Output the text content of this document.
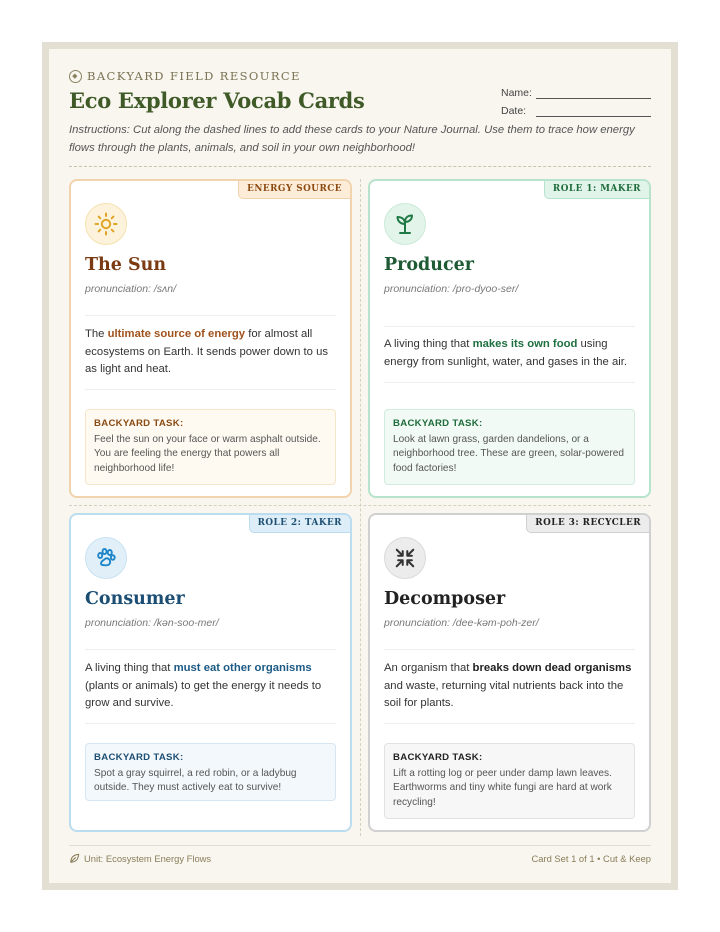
◆ BACKYARD FIELD RESOURCE
Eco Explorer Vocab Cards	Name:
Date:
Instructions: Cut along the dashed lines to add these cards to your Nature Journal. Use them to trace how energy flows through the plants, animals, and soil in your own neighborhood!
ENERGY SOURCE
The Sun
pronunciation: /sʌn/
The ultimate source of energy for almost all ecosystems on Earth. It sends power down to us as light and heat.
BACKYARD TASK:
Feel the sun on your face or warm asphalt outside. You are feeling the energy that powers all neighborhood life!
ROLE 1: MAKER
Producer
pronunciation: /pro-dyoo-ser/
A living thing that makes its own food using energy from sunlight, water, and gases in the air.
BACKYARD TASK:
Look at lawn grass, garden dandelions, or a neighborhood tree. These are green, solar-powered food factories!
ROLE 2: TAKER
Consumer
pronunciation: /kən-soo-mer/
A living thing that must eat other organisms (plants or animals) to get the energy it needs to grow and survive.
BACKYARD TASK:
Spot a gray squirrel, a red robin, or a ladybug outside. They must actively eat to survive!
ROLE 3: RECYCLER
Decomposer
pronunciation: /dee-kəm-poh-zer/
An organism that breaks down dead organisms and waste, returning vital nutrients back into the soil for plants.
BACKYARD TASK:
Lift a rotting log or peer under damp lawn leaves. Earthworms and tiny white fungi are hard at work recycling!
Unit: Ecosystem Energy Flows	Card Set 1 of 1 • Cut & Keep
